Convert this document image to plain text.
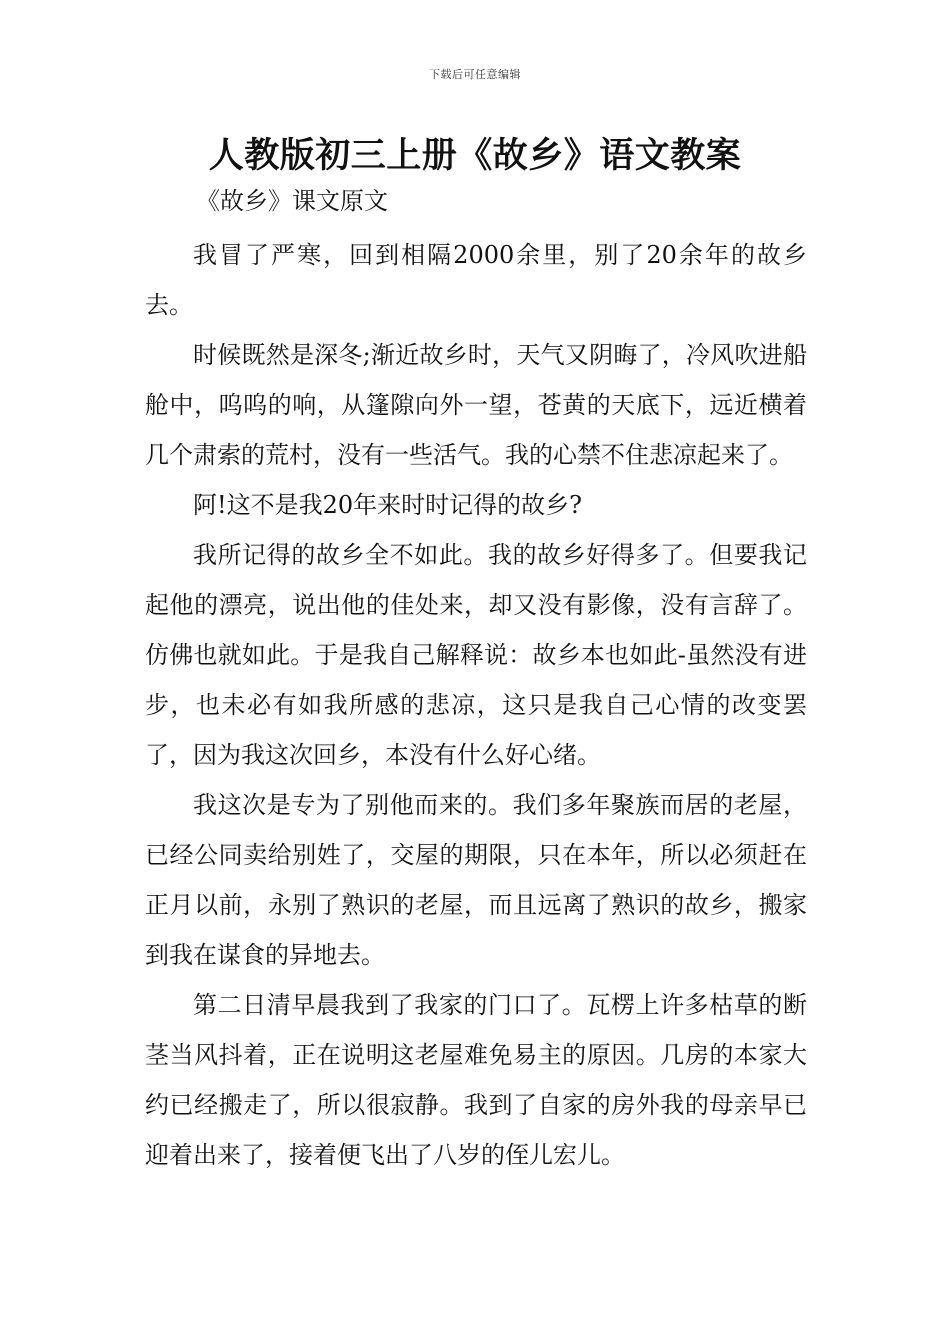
下载后可任意编辑
人教版初三上册《故乡》语文教案
《故乡》课文原文

我冒了严寒，回到相隔2000余里，别了20余年的故乡去。

时候既然是深冬;渐近故乡时，天气又阴晦了，冷风吹进船舱中，呜呜的响，从篷隙向外一望，苍黄的天底下，远近横着几个肃索的荒村，没有一些活气。我的心禁不住悲凉起来了。

阿!这不是我20年来时时记得的故乡?

我所记得的故乡全不如此。我的故乡好得多了。但要我记起他的漂亮，说出他的佳处来，却又没有影像，没有言辞了。仿佛也就如此。于是我自己解释说：故乡本也如此-虽然没有进步，也未必有如我所感的悲凉，这只是我自己心情的改变罢了，因为我这次回乡，本没有什么好心绪。

我这次是专为了别他而来的。我们多年聚族而居的老屋，已经公同卖给别姓了，交屋的期限，只在本年，所以必须赶在正月以前，永别了熟识的老屋，而且远离了熟识的故乡，搬家到我在谋食的异地去。

第二日清早晨我到了我家的门口了。瓦楞上许多枯草的断茎当风抖着，正在说明这老屋难免易主的原因。几房的本家大约已经搬走了，所以很寂静。我到了自家的房外我的母亲早已迎着出来了，接着便飞出了八岁的侄儿宏儿。
